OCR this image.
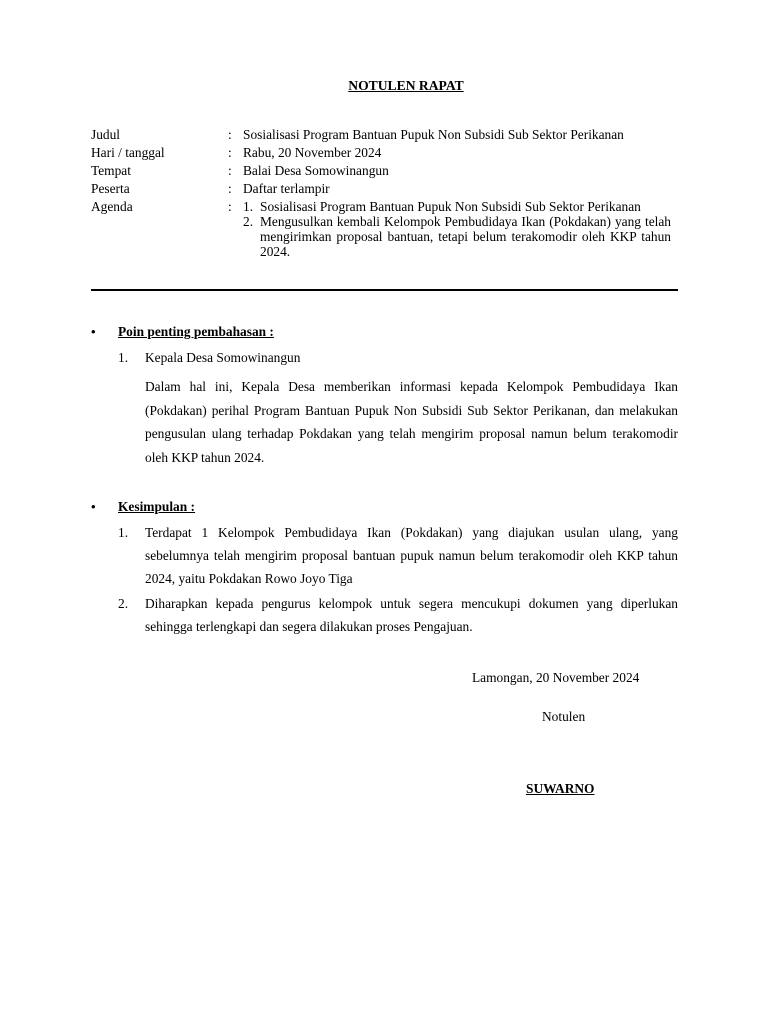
NOTULEN RAPAT
Judul	: Sosialisasi Program Bantuan Pupuk Non Subsidi Sub Sektor Perikanan
Hari / tanggal	: Rabu, 20 November 2024
Tempat	: Balai Desa Somowinangun
Peserta	: Daftar terlampir
Agenda	: 1. Sosialisasi Program Bantuan Pupuk Non Subsidi Sub Sektor Perikanan
2. Mengusulkan kembali Kelompok Pembudidaya Ikan (Pokdakan) yang telah mengirimkan proposal bantuan, tetapi belum terakomodir oleh KKP tahun 2024.
•	Poin penting pembahasan :
1.	Kepala Desa Somowinangun
Dalam hal ini, Kepala Desa memberikan informasi kepada Kelompok Pembudidaya Ikan (Pokdakan) perihal Program Bantuan Pupuk Non Subsidi Sub Sektor Perikanan, dan melakukan pengusulan ulang terhadap Pokdakan yang telah mengirim proposal namun belum terakomodir oleh KKP tahun 2024.
•	Kesimpulan :
1.	Terdapat 1 Kelompok Pembudidaya Ikan (Pokdakan) yang diajukan usulan ulang, yang sebelumnya telah mengirim proposal bantuan pupuk namun belum terakomodir oleh KKP tahun 2024, yaitu Pokdakan Rowo Joyo Tiga
2.	Diharapkan kepada pengurus kelompok untuk segera mencukupi dokumen yang diperlukan sehingga terlengkapi dan segera dilakukan proses Pengajuan.
Lamongan, 20 November 2024
Notulen
SUWARNO
